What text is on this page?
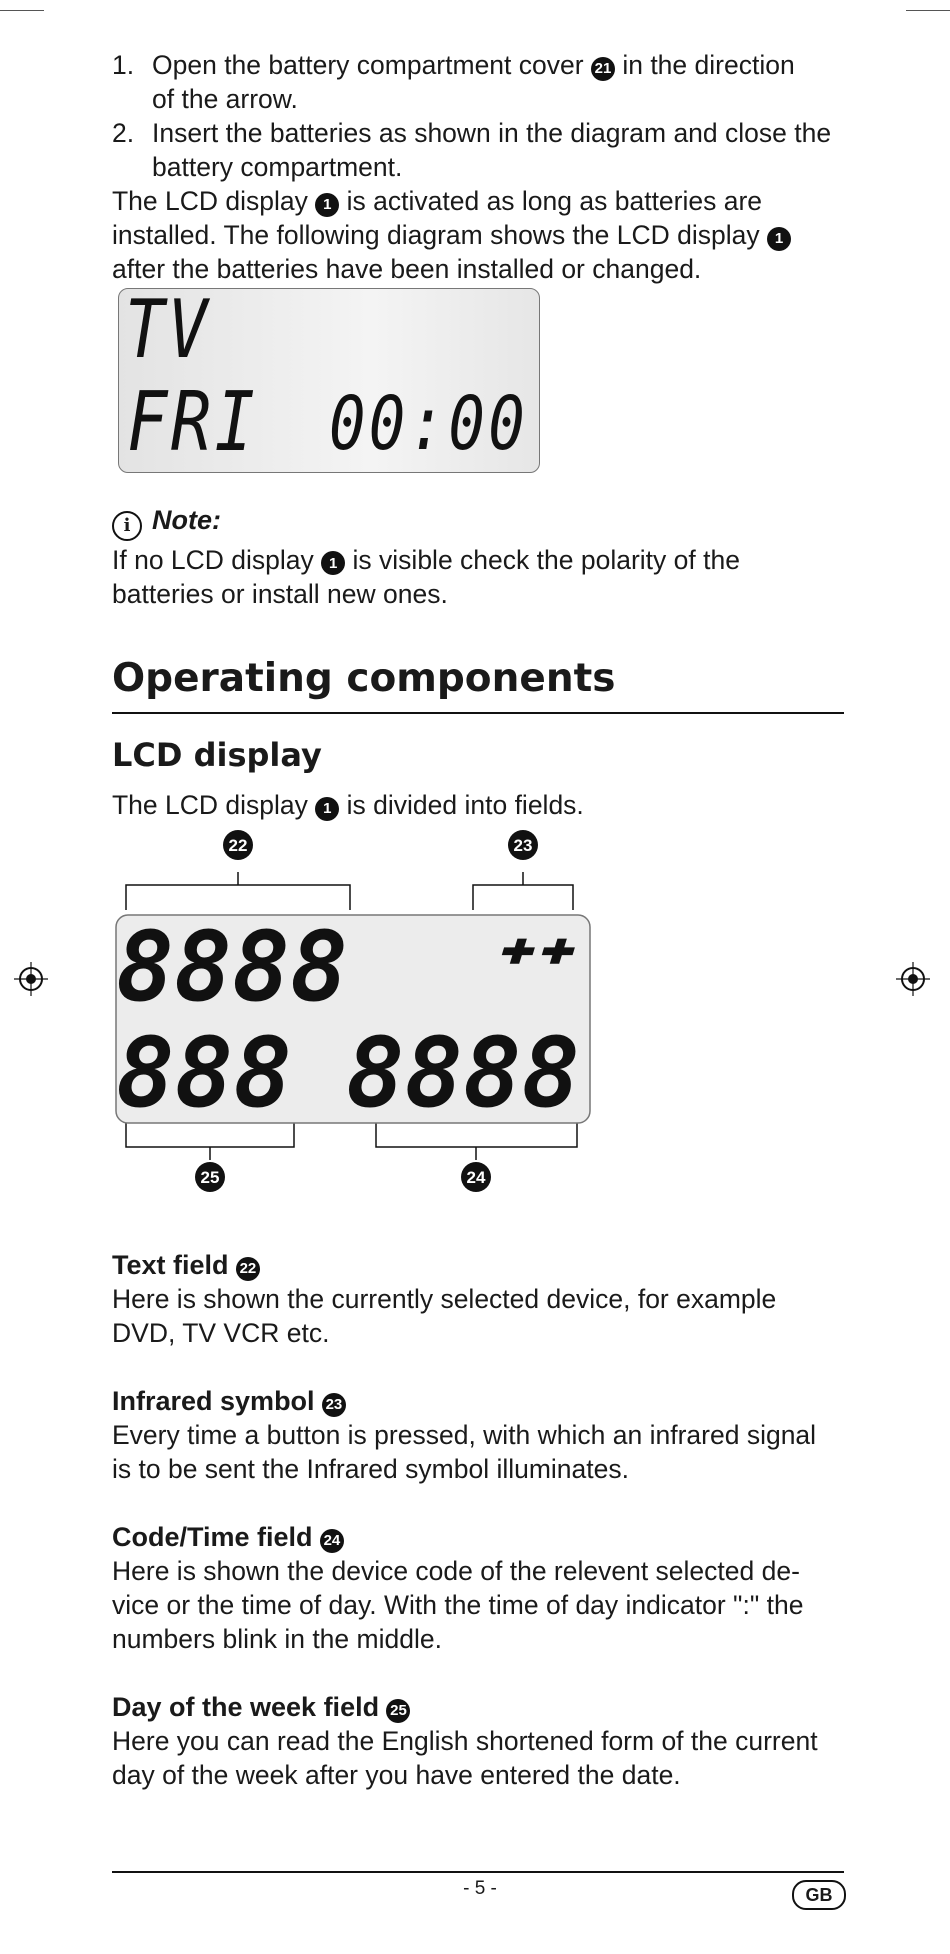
1. Open the battery compartment cover 21 in the direction
of the arrow.
2. Insert the batteries as shown in the diagram and close the
battery compartment.
The LCD display 1 is activated as long as batteries are
installed. The following diagram shows the LCD display 1
after the batteries have been installed or changed.
TV
FRI 00:00
i Note:
If no LCD display 1 is visible check the polarity of the
batteries or install new ones.
Operating components
LCD display
The LCD display 1 is divided into fields.
8888 ᐩᐩ
888 8888
22	23
25	24
Text field 22
Here is shown the currently selected device, for example
DVD, TV VCR etc.
Infrared symbol 23
Every time a button is pressed, with which an infrared signal
is to be sent the Infrared symbol illuminates.
Code/Time field 24
Here is shown the device code of the relevent selected de-
vice or the time of day. With the time of day indicator ":" the
numbers blink in the middle.
Day of the week field 25
Here you can read the English shortened form of the current
day of the week after you have entered the date.
- 5 -	GB
